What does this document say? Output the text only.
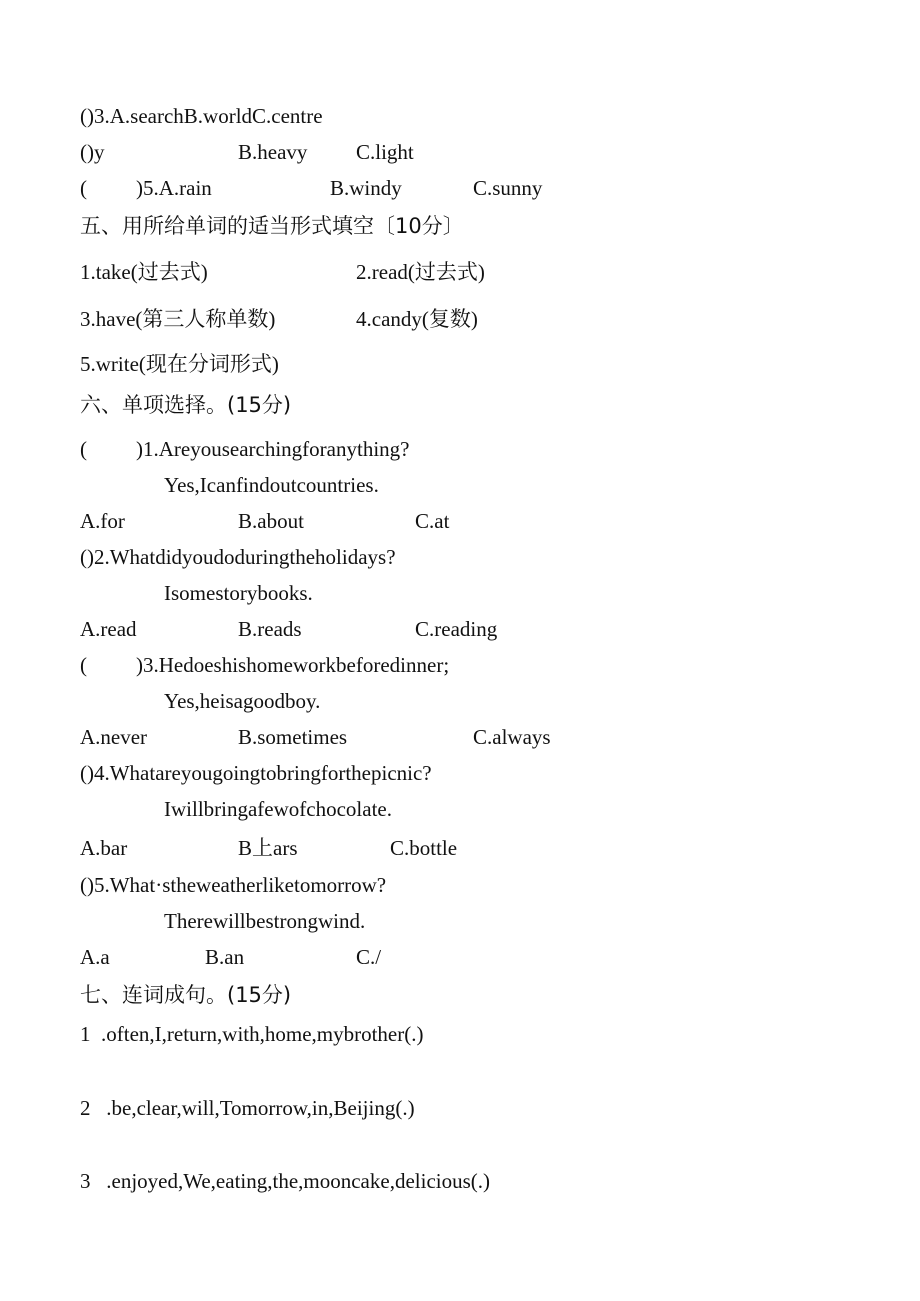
()3.A.searchB.worldC.centre
()y	B.heavy C.light
( )5.A.rain	B.windy	C.sunny
五、用所给单词的适当形式填空〔10分〕
1.take(过去式)	2.read(过去式)
3.have(第三人称单数)	4.candy(复数)
5.write(现在分词形式)
六、单项选择。(15分)
( )1.Areyousearchingforanything?
Yes,Icanfindoutcountries.
A.for	B.about	C.at
()2.Whatdidyoudoduringtheholidays?
Isomestorybooks.
A.read	B.reads	C.reading
( )3.Hedoeshishomeworkbeforedinner;
Yes,heisagoodboy.
A.never	B.sometimes	C.always
()4.Whatareyougoingtobringforthepicnic?
Iwillbringafewofchocolate.
A.bar	B上ars	C.bottle
()5.What·stheweatherliketomorrow?
Therewillbestrongwind.
A.a	B.an	C./
七、连词成句。(15分)
1  .often,I,return,with,home,mybrother(.)
2   .be,clear,will,Tomorrow,in,Beijing(.)
3   .enjoyed,We,eating,the,mooncake,delicious(.)
